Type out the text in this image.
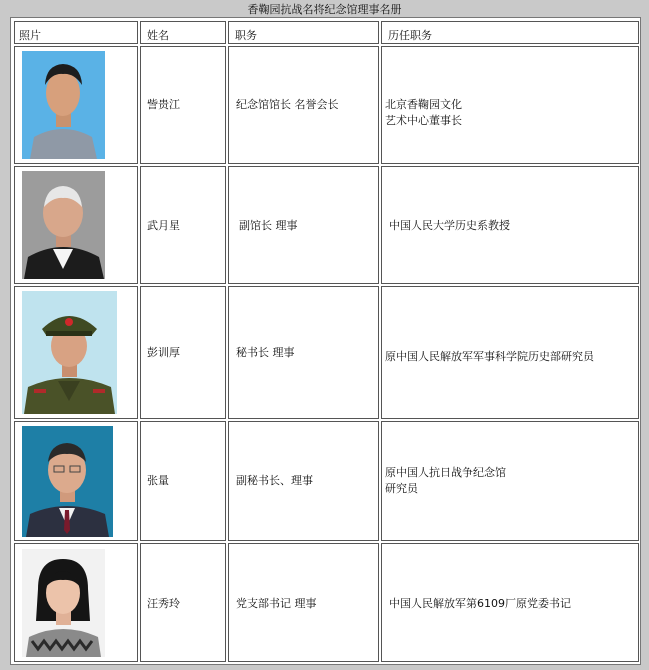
香鞠园抗战名将纪念馆理事名册
照片	姓名	职务	历任职务
訾贵江	纪念馆馆长 名誉会长	北京香鞠园文化
艺术中心董事长
武月星	副馆长 理事	中国人民大学历史系教授
彭训厚	秘书长 理事	原中国人民解放军军事科学院历史部研究员
张量	副秘书长、理事
原中国人抗日战争纪念馆
研究员
汪秀玲	党支部书记 理事	中国人民解放军第6109厂原党委书记
